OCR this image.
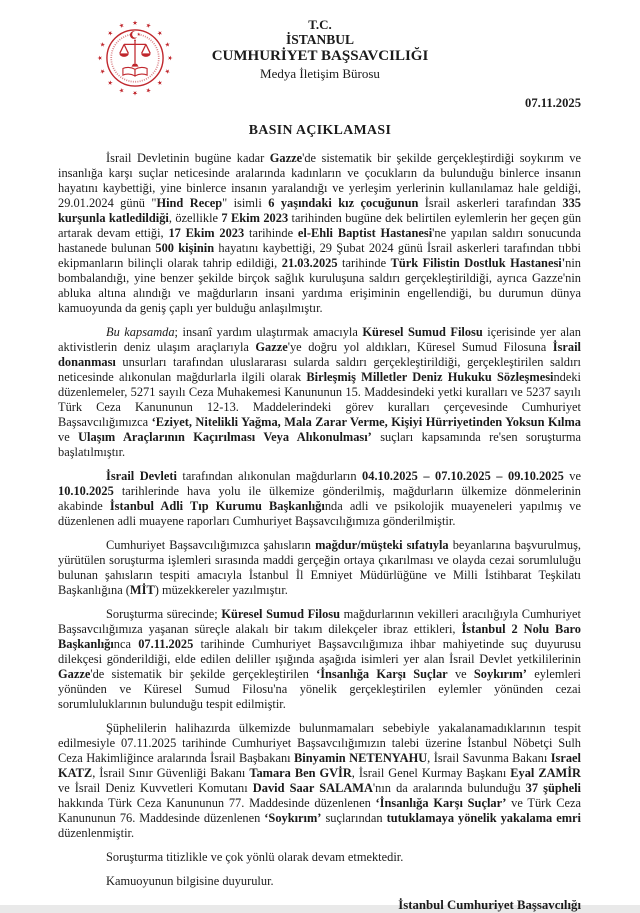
T.C.
İSTANBUL
CUMHURİYET BAŞSAVCILIĞI
Medya İletişim Bürosu
07.11.2025
BASIN AÇIKLAMASI

İsrail Devletinin bugüne kadar Gazze'de sistematik bir şekilde gerçekleştirdiği soykırım ve insanlığa karşı suçlar neticesinde aralarında kadınların ve çocukların da bulunduğu binlerce insanın hayatını kaybettiği, yine binlerce insanın yaralandığı ve yerleşim yerlerinin kullanılamaz hale geldiği, 29.01.2024 günü "Hind Recep" isimli 6 yaşındaki kız çocuğunun İsrail askerleri tarafından 335 kurşunla katledildiği, özellikle 7 Ekim 2023 tarihinden bugüne dek belirtilen eylemlerin her geçen gün artarak devam ettiği, 17 Ekim 2023 tarihinde el-Ehli Baptist Hastanesi'ne yapılan saldırı sonucunda hastanede bulunan 500 kişinin hayatını kaybettiği, 29 Şubat 2024 günü İsrail askerleri tarafından tıbbi ekipmanların bilinçli olarak tahrip edildiği, 21.03.2025 tarihinde Türk Filistin Dostluk Hastanesi'nin bombalandığı, yine benzer şekilde birçok sağlık kuruluşuna saldırı gerçekleştirildiği, ayrıca Gazze'nin abluka altına alındığı ve mağdurların insani yardıma erişiminin engellendiği, bu durumun dünya kamuoyunda da geniş çaplı yer bulduğu anlaşılmıştır.

Bu kapsamda; insanî yardım ulaştırmak amacıyla Küresel Sumud Filosu içerisinde yer alan aktivistlerin deniz ulaşım araçlarıyla Gazze'ye doğru yol aldıkları, Küresel Sumud Filosuna İsrail donanması unsurları tarafından uluslararası sularda saldırı gerçekleştirildiği, gerçekleştirilen saldırı neticesinde alıkonulan mağdurlarla ilgili olarak Birleşmiş Milletler Deniz Hukuku Sözleşmesindeki düzenlemeler, 5271 sayılı Ceza Muhakemesi Kanununun 15. Maddesindeki yetki kuralları ve 5237 sayılı Türk Ceza Kanununun 12-13. Maddelerindeki görev kuralları çerçevesinde Cumhuriyet Başsavcılığımızca ‘Eziyet, Nitelikli Yağma, Mala Zarar Verme, Kişiyi Hürriyetinden Yoksun Kılma ve Ulaşım Araçlarının Kaçırılması Veya Alıkonulması’ suçları kapsamında re'sen soruşturma başlatılmıştır.

İsrail Devleti tarafından alıkonulan mağdurların 04.10.2025 – 07.10.2025 – 09.10.2025 ve 10.10.2025 tarihlerinde hava yolu ile ülkemize gönderilmiş, mağdurların ülkemize dönmelerinin akabinde İstanbul Adli Tıp Kurumu Başkanlığında adli ve psikolojik muayeneleri yapılmış ve düzenlenen adli muayene raporları Cumhuriyet Başsavcılığımıza gönderilmiştir.

Cumhuriyet Başsavcılığımızca şahısların mağdur/müşteki sıfatıyla beyanlarına başvurulmuş, yürütülen soruşturma işlemleri sırasında maddi gerçeğin ortaya çıkarılması ve olayda cezai sorumluluğu bulunan şahısların tespiti amacıyla İstanbul İl Emniyet Müdürlüğüne ve Milli İstihbarat Teşkilatı Başkanlığına (MİT) müzekkereler yazılmıştır.

Soruşturma sürecinde; Küresel Sumud Filosu mağdurlarının vekilleri aracılığıyla Cumhuriyet Başsavcılığımıza yaşanan süreçle alakalı bir takım dilekçeler ibraz ettikleri, İstanbul 2 Nolu Baro Başkanlığınca 07.11.2025 tarihinde Cumhuriyet Başsavcılığımıza ihbar mahiyetinde suç duyurusu dilekçesi gönderildiği, elde edilen deliller ışığında aşağıda isimleri yer alan İsrail Devlet yetkililerinin Gazze'de sistematik bir şekilde gerçekleştirilen ‘İnsanlığa Karşı Suçlar ve Soykırım’ eylemleri yönünden ve Küresel Sumud Filosu'na yönelik gerçekleştirilen eylemler yönünden cezai sorumluluklarının bulunduğu tespit edilmiştir.

Şüphelilerin halihazırda ülkemizde bulunmamaları sebebiyle yakalanamadıklarının tespit edilmesiyle 07.11.2025 tarihinde Cumhuriyet Başsavcılığımızın talebi üzerine İstanbul Nöbetçi Sulh Ceza Hakimliğince aralarında İsrail Başbakanı Binyamin NETENYAHU, İsrail Savunma Bakanı Israel KATZ, İsrail Sınır Güvenliği Bakanı Tamara Ben GVİR, İsrail Genel Kurmay Başkanı Eyal ZAMİR ve İsrail Deniz Kuvvetleri Komutanı David Saar SALAMA'nın da aralarında bulunduğu 37 şüpheli hakkında Türk Ceza Kanununun 77. Maddesinde düzenlenen ‘İnsanlığa Karşı Suçlar’ ve Türk Ceza Kanununun 76. Maddesinde düzenlenen ‘Soykırım’ suçlarından tutuklamaya yönelik yakalama emri düzenlenmiştir.

Soruşturma titizlikle ve çok yönlü olarak devam etmektedir.

Kamuoyunun bilgisine duyurulur.

İstanbul Cumhuriyet Başsavcılığı
